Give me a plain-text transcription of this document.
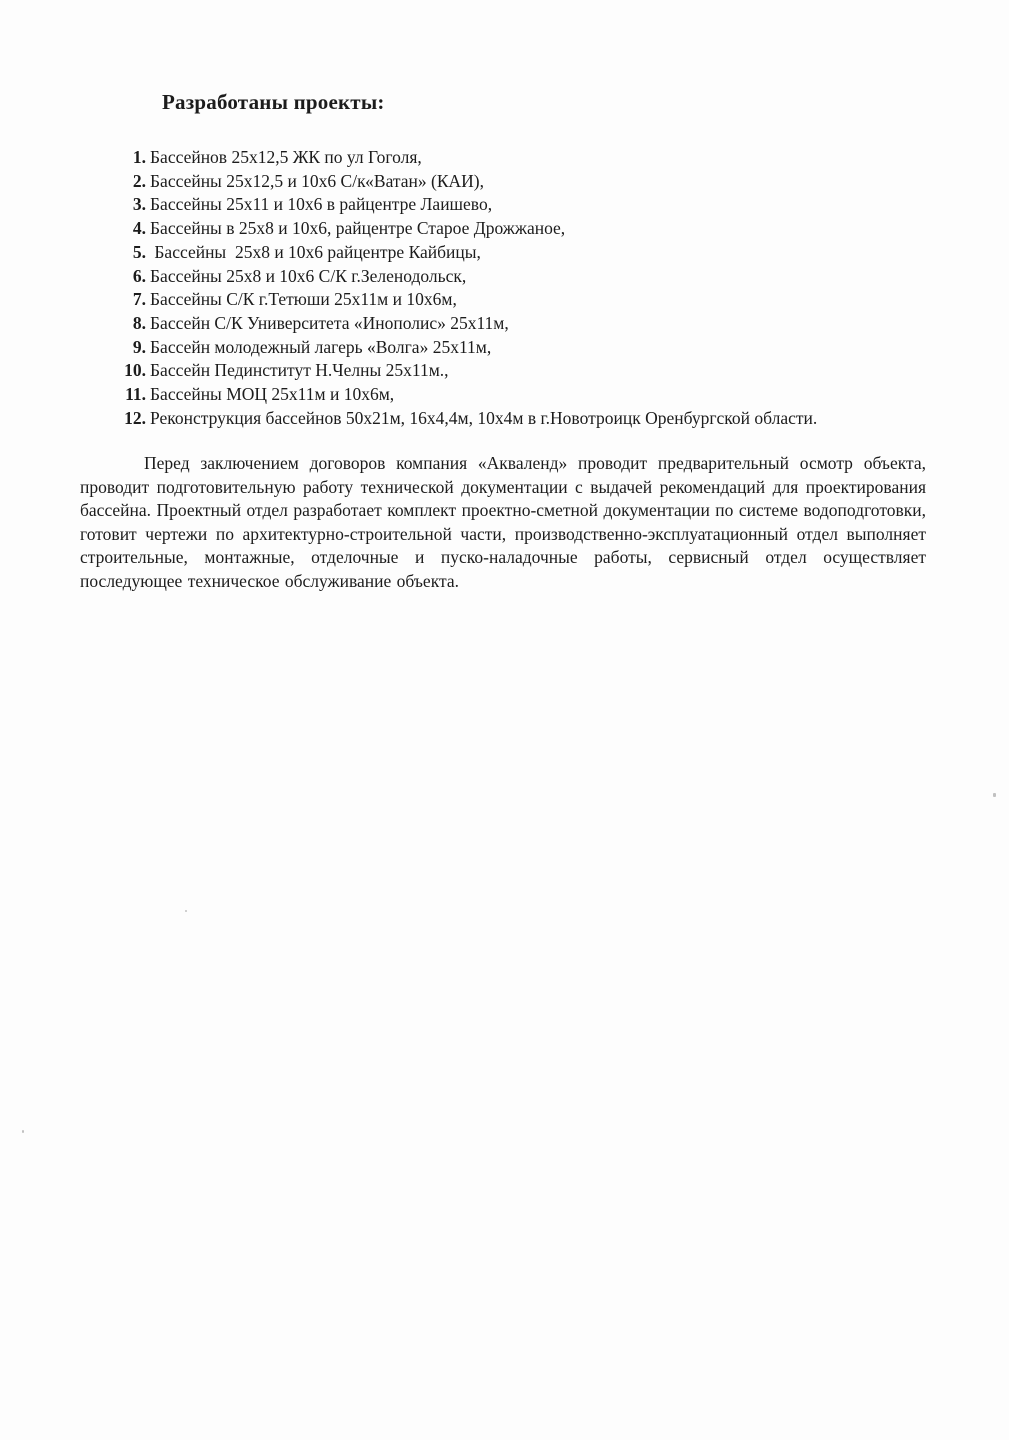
Разработаны проекты:
1. Бассейнов 25х12,5 ЖК по ул Гоголя,
2. Бассейны 25х12,5 и 10х6 С/к«Ватан» (КАИ),
3. Бассейны 25х11 и 10х6 в райцентре Лаишево,
4. Бассейны в 25х8 и 10х6, райцентре Старое Дрожжаное,
5. Бассейны  25х8 и 10х6 райцентре Кайбицы,
6. Бассейны 25х8 и 10х6 С/К г.Зеленодольск,
7. Бассейны С/К г.Тетюши 25х11м и 10х6м,
8. Бассейн С/К Университета «Инополис» 25х11м,
9. Бассейн молодежный лагерь «Волга» 25х11м,
10. Бассейн Пединститут Н.Челны 25х11м.,
11. Бассейны МОЦ 25х11м и 10х6м,
12. Реконструкция бассейнов 50х21м, 16х4,4м, 10х4м в г.Новотроицк Оренбургской области.

Перед заключением договоров компания «Акваленд» проводит предварительный осмотр объекта, проводит подготовительную работу технической документации с выдачей рекомендаций для проектирования бассейна. Проектный отдел разработает комплект проектно-сметной документации по системе водоподготовки, готовит чертежи по архитектурно-строительной части, производственно-эксплуатационный отдел выполняет строительные, монтажные, отделочные и пуско-наладочные работы, сервисный отдел осуществляет последующее техническое обслуживание объекта.
